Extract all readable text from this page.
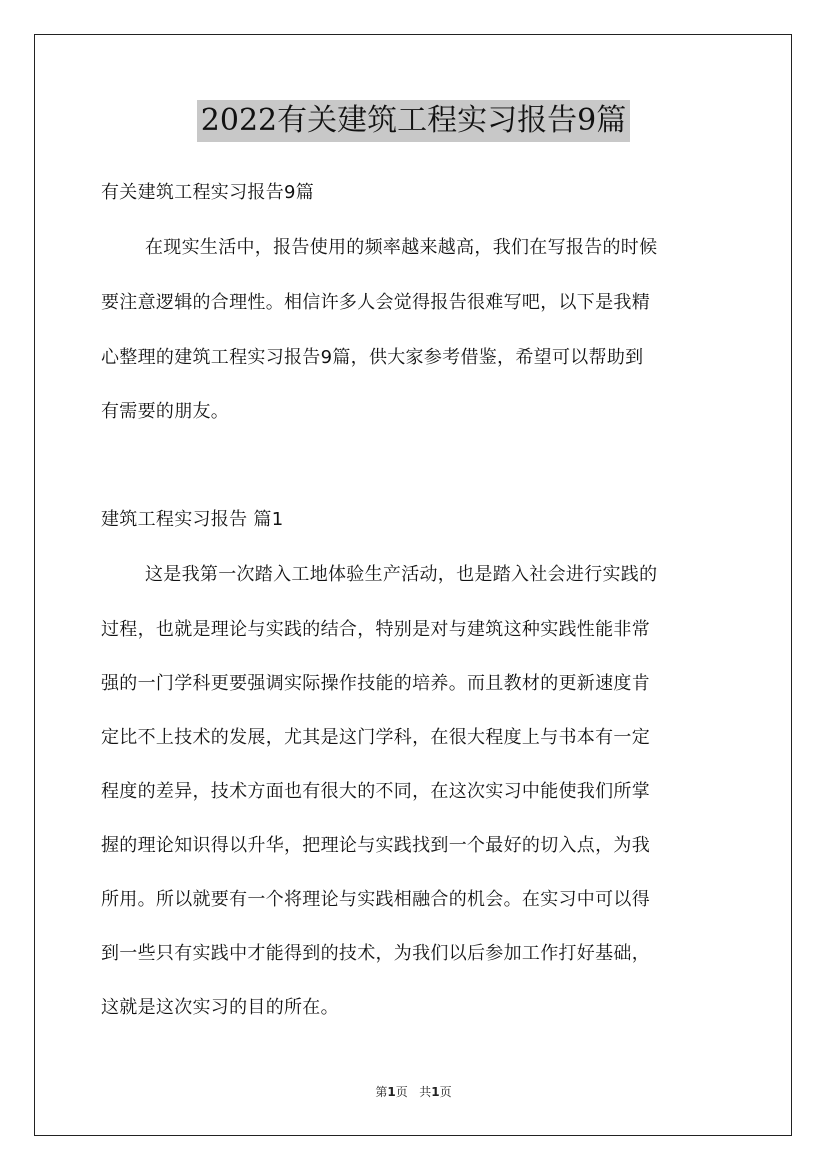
2022有关建筑工程实习报告9篇
有关建筑工程实习报告9篇
在现实生活中，报告使用的频率越来越高，我们在写报告的时候
要注意逻辑的合理性。相信许多人会觉得报告很难写吧，以下是我精
心整理的建筑工程实习报告9篇，供大家参考借鉴，希望可以帮助到
有需要的朋友。
建筑工程实习报告 篇1
这是我第一次踏入工地体验生产活动，也是踏入社会进行实践的
过程，也就是理论与实践的结合，特别是对与建筑这种实践性能非常
强的一门学科更要强调实际操作技能的培养。而且教材的更新速度肯
定比不上技术的发展，尤其是这门学科，在很大程度上与书本有一定
程度的差异，技术方面也有很大的不同，在这次实习中能使我们所掌
握的理论知识得以升华，把理论与实践找到一个最好的切入点，为我
所用。所以就要有一个将理论与实践相融合的机会。在实习中可以得
到一些只有实践中才能得到的技术，为我们以后参加工作打好基础，
这就是这次实习的目的所在。
第1页 共1页
